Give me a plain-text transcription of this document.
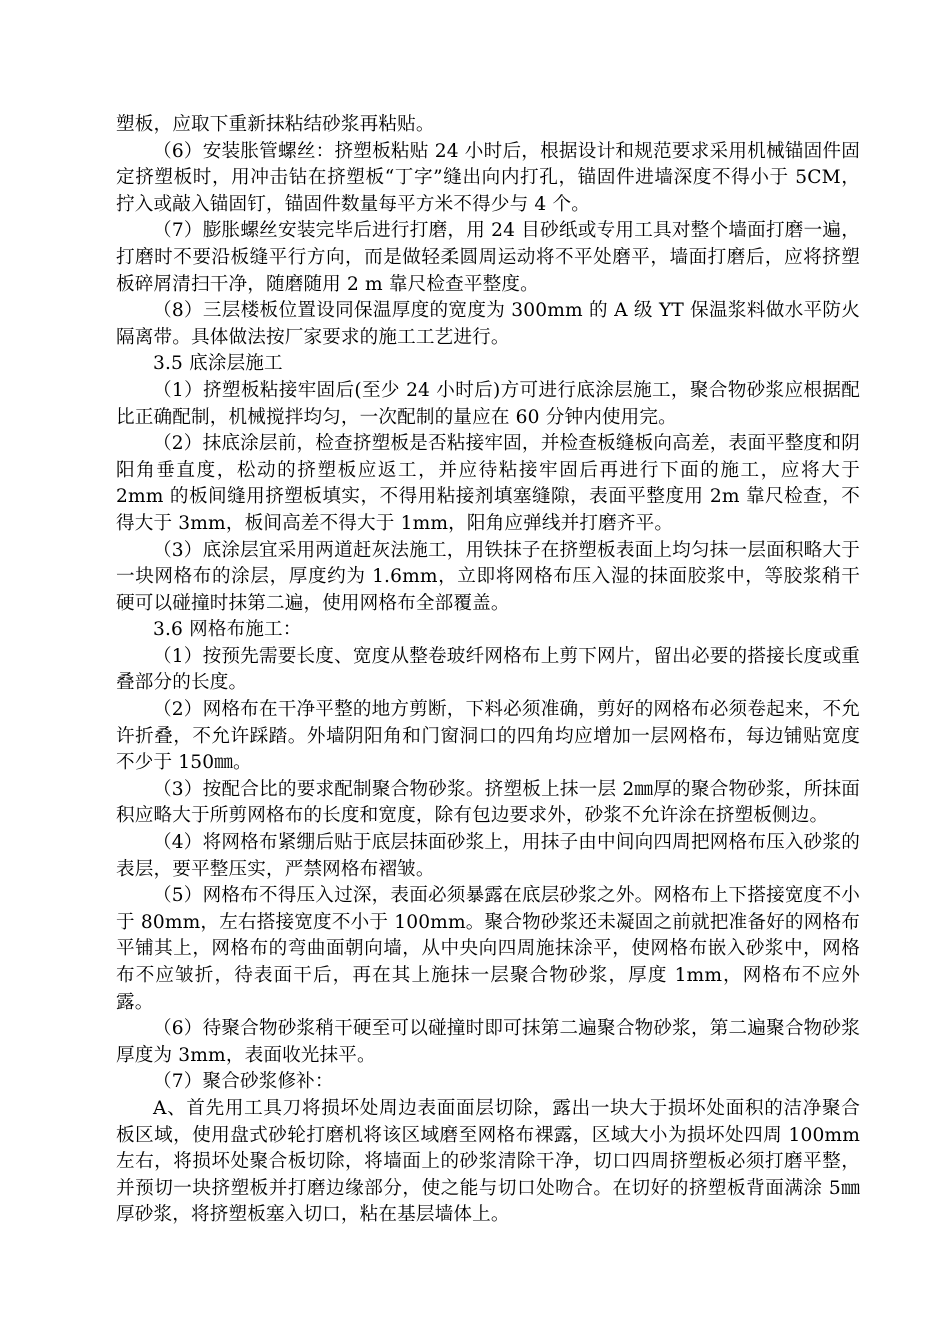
塑板，应取下重新抹粘结砂浆再粘贴。

（6）安装胀管螺丝：挤塑板粘贴 24 小时后，根据设计和规范要求采用机械锚固件固定挤塑板时，用冲击钻在挤塑板“丁字”缝出向内打孔，锚固件进墙深度不得小于 5CM，拧入或敲入锚固钉，锚固件数量每平方米不得少与 4 个。

（7）膨胀螺丝安装完毕后进行打磨，用 24 目砂纸或专用工具对整个墙面打磨一遍，打磨时不要沿板缝平行方向，而是做轻柔圆周运动将不平处磨平，墙面打磨后，应将挤塑板碎屑清扫干净，随磨随用 2 m 靠尺检查平整度。

（8）三层楼板位置设同保温厚度的宽度为 300mm 的 A 级 YT 保温浆料做水平防火隔离带。具体做法按厂家要求的施工工艺进行。

3.5 底涂层施工

（1）挤塑板粘接牢固后(至少 24 小时后)方可进行底涂层施工，聚合物砂浆应根据配比正确配制，机械搅拌均匀，一次配制的量应在 60 分钟内使用完。

（2）抹底涂层前，检查挤塑板是否粘接牢固，并检查板缝板向高差，表面平整度和阴阳角垂直度，松动的挤塑板应返工，并应待粘接牢固后再进行下面的施工，应将大于 2mm 的板间缝用挤塑板填实，不得用粘接剂填塞缝隙，表面平整度用 2m 靠尺检查，不得大于 3mm，板间高差不得大于 1mm，阳角应弹线并打磨齐平。

（3）底涂层宜采用两道赶灰法施工，用铁抹子在挤塑板表面上均匀抹一层面积略大于一块网格布的涂层，厚度约为 1.6mm，立即将网格布压入湿的抹面胶浆中，等胶浆稍干硬可以碰撞时抹第二遍，使用网格布全部覆盖。

3.6 网格布施工：

（1）按预先需要长度、宽度从整卷玻纤网格布上剪下网片，留出必要的搭接长度或重叠部分的长度。

（2）网格布在干净平整的地方剪断，下料必须准确，剪好的网格布必须卷起来，不允许折叠，不允许踩踏。外墙阴阳角和门窗洞口的四角均应增加一层网格布，每边铺贴宽度不少于 150㎜。

（3）按配合比的要求配制聚合物砂浆。挤塑板上抹一层 2㎜厚的聚合物砂浆，所抹面积应略大于所剪网格布的长度和宽度，除有包边要求外，砂浆不允许涂在挤塑板侧边。

（4）将网格布紧绷后贴于底层抹面砂浆上，用抹子由中间向四周把网格布压入砂浆的表层，要平整压实，严禁网格布褶皱。

（5）网格布不得压入过深，表面必须暴露在底层砂浆之外。网格布上下搭接宽度不小于 80mm，左右搭接宽度不小于 100mm。聚合物砂浆还未凝固之前就把准备好的网格布平铺其上，网格布的弯曲面朝向墙，从中央向四周施抹涂平，使网格布嵌入砂浆中，网格布不应皱折，待表面干后，再在其上施抹一层聚合物砂浆，厚度 1mm，网格布不应外露。

（6）待聚合物砂浆稍干硬至可以碰撞时即可抹第二遍聚合物砂浆，第二遍聚合物砂浆厚度为 3mm，表面收光抹平。

（7）聚合砂浆修补：

A、首先用工具刀将损坏处周边表面面层切除，露出一块大于损坏处面积的洁净聚合板区域，使用盘式砂轮打磨机将该区域磨至网格布裸露，区域大小为损坏处四周 100mm 左右，将损坏处聚合板切除，将墙面上的砂浆清除干净，切口四周挤塑板必须打磨平整，并预切一块挤塑板并打磨边缘部分，使之能与切口处吻合。在切好的挤塑板背面满涂 5㎜厚砂浆，将挤塑板塞入切口，粘在基层墙体上。
